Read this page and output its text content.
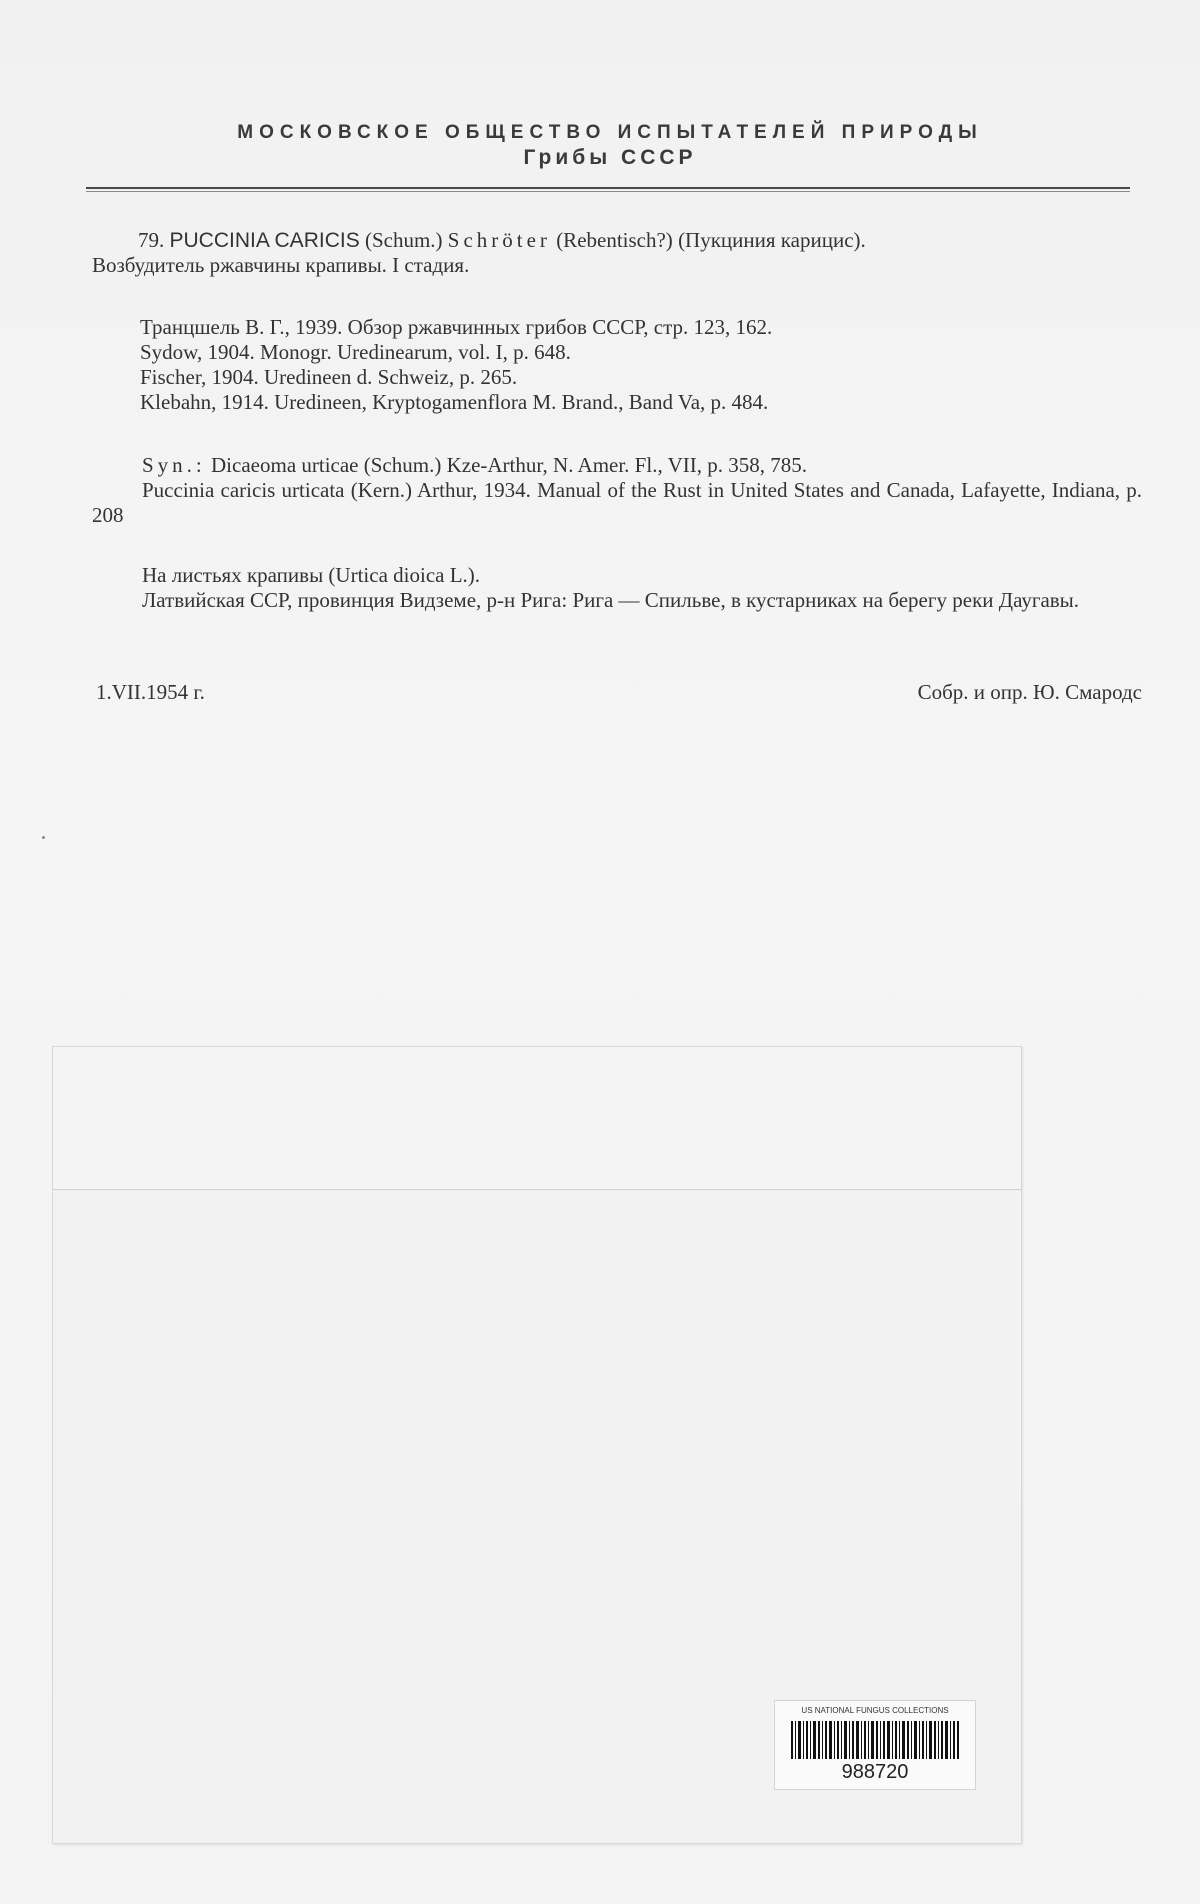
МОСКОВСКОЕ ОБЩЕСТВО ИСПЫТАТЕЛЕЙ ПРИРОДЫ
Грибы СССР
79. PUCCINIA CARICIS (Schum.) Schröter (Rebentisch?) (Пукциния карицис).
Возбудитель ржавчины крапивы. I стадия.
Транцшель В. Г., 1939. Обзор ржавчинных грибов СССР, стр. 123, 162.
Sydow, 1904. Monogr. Uredinearum, vol. I, p. 648.
Fischer, 1904. Uredineen d. Schweiz, p. 265.
Klebahn, 1914. Uredineen, Kryptogamenflora M. Brand., Band Va, p. 484.
Syn.: Dicaeoma urticae (Schum.) Kze-Arthur, N. Amer. Fl., VII, p. 358, 785.
Puccinia caricis urticata (Kern.) Arthur, 1934. Manual of the Rust in United States and Canada, Lafayette, Indiana, p. 208
На листьях крапивы (Urtica dioica L.).
Латвийская ССР, провинция Видземе, р-н Рига: Рига — Спильве, в кустарниках на берегу реки Даугавы.
1.VII.1954 г.	Собр. и опр. Ю. Смародс
US NATIONAL FUNGUS COLLECTIONS
988720
